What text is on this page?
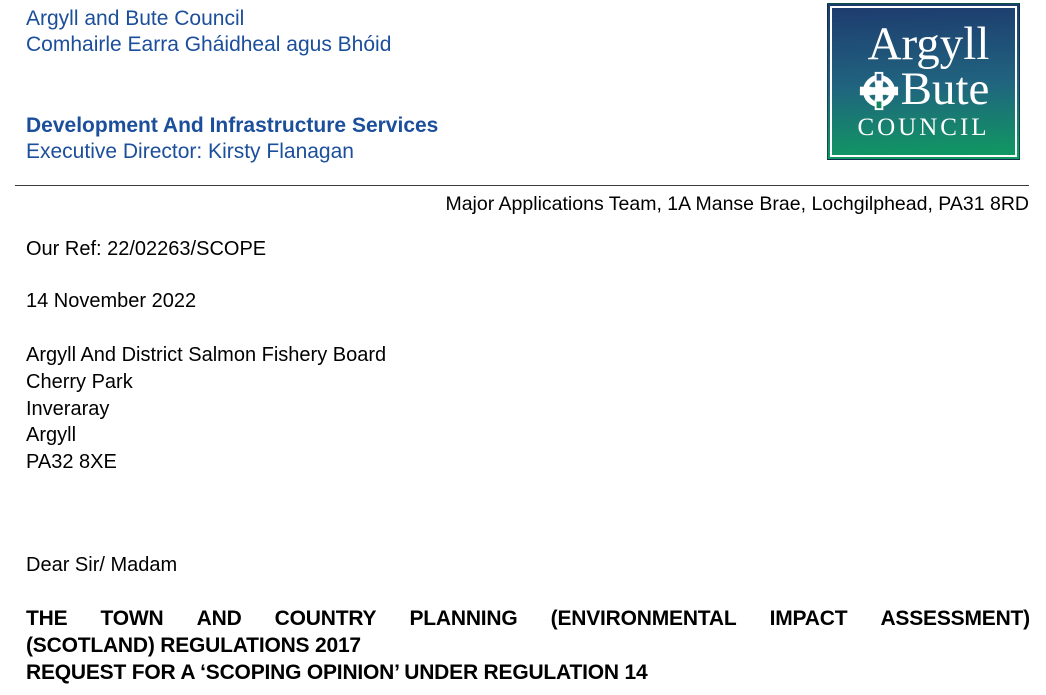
Argyll and Bute Council
Comhairle Earra Gháidheal agus Bhóid
Development And Infrastructure Services
Executive Director: Kirsty Flanagan
Argyll
Bute
COUNCIL
Major Applications Team, 1A Manse Brae, Lochgilphead, PA31 8RD

Our Ref: 22/02263/SCOPE

14 November 2022

Argyll And District Salmon Fishery Board
Cherry Park
Inveraray
Argyll
PA32 8XE

Dear Sir/ Madam

THE TOWN AND COUNTRY PLANNING (ENVIRONMENTAL IMPACT ASSESSMENT)
(SCOTLAND) REGULATIONS 2017
REQUEST FOR A ‘SCOPING OPINION’ UNDER REGULATION 14
